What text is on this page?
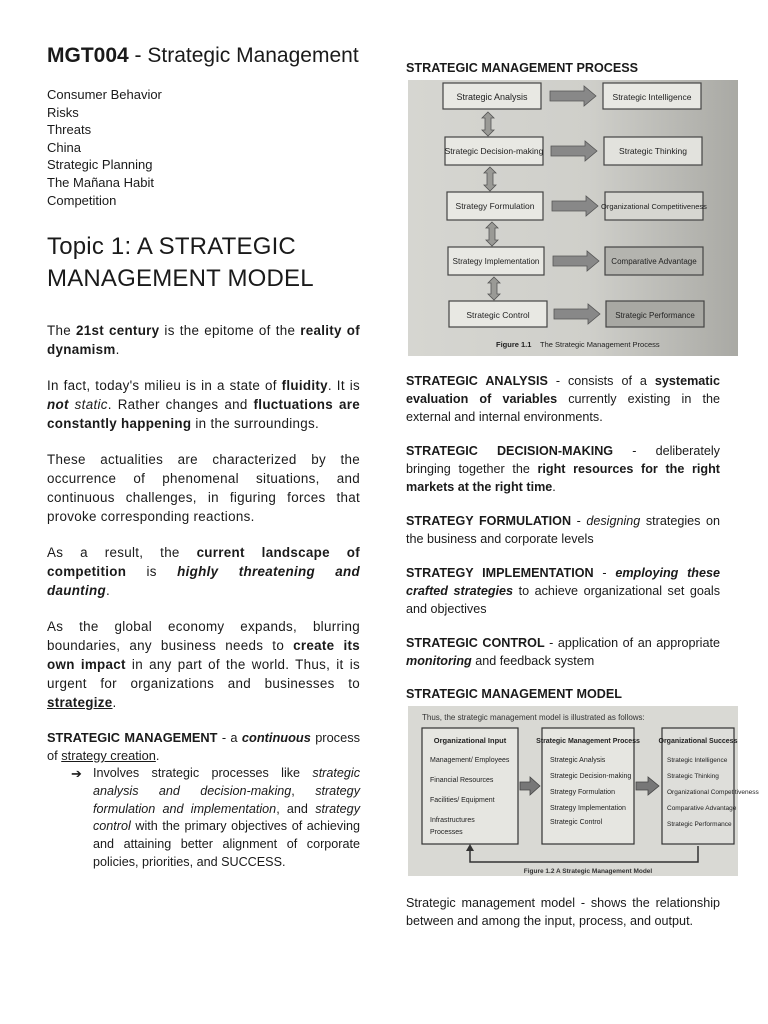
MGT004 - Strategic Management
Consumer Behavior
Risks
Threats
China
Strategic Planning
The Mañana Habit
Competition
Topic 1: A STRATEGIC MANAGEMENT MODEL

The 21st century is the epitome of the reality of dynamism.

In fact, today's milieu is in a state of fluidity. It is not static. Rather changes and fluctuations are constantly happening in the surroundings.

These actualities are characterized by the occurrence of phenomenal situations, and continuous challenges, in figuring forces that provoke corresponding reactions.

As a result, the current landscape of competition is highly threatening and daunting.

As the global economy expands, blurring boundaries, any business needs to create its own impact in any part of the world. Thus, it is urgent for organizations and businesses to strategize.

STRATEGIC MANAGEMENT - a continuous process of strategy creation.

➔ Involves strategic processes like strategic analysis and decision-making, strategy formulation and implementation, and strategy control with the primary objectives of achieving and attaining better alignment of corporate policies, priorities, and SUCCESS.
STRATEGIC MANAGEMENT PROCESS
Strategic Analysis
Strategic Decision-making
Strategy Formulation
Strategy Implementation
Strategic Control
Strategic Intelligence
Strategic Thinking
Organizational Competitiveness
Comparative Advantage
Strategic Performance
Figure 1.1 The Strategic Management Process

STRATEGIC ANALYSIS - consists of a systematic evaluation of variables currently existing in the external and internal environments.

STRATEGIC DECISION-MAKING - deliberately bringing together the right resources for the right markets at the right time.

STRATEGY FORMULATION - designing strategies on the business and corporate levels

STRATEGY IMPLEMENTATION - employing these crafted strategies to achieve organizational set goals and objectives

STRATEGIC CONTROL - application of an appropriate monitoring and feedback system

STRATEGIC MANAGEMENT MODEL
Thus, the strategic management model is illustrated as follows:
Organizational Input
Management/ Employees
Financial Resources
Facilities/ Equipment
Infrastructures
Processes
Strategic Management Process
Strategic Analysis
Strategic Decision-making
Strategy Formulation
Strategy Implementation
Strategic Control
Organizational Success
Strategic Intelligence
Strategic Thinking
Organizational Competitiveness
Comparative Advantage
Strategic Performance
Figure 1.2 A Strategic Management Model

Strategic management model - shows the relationship between and among the input, process, and output.
